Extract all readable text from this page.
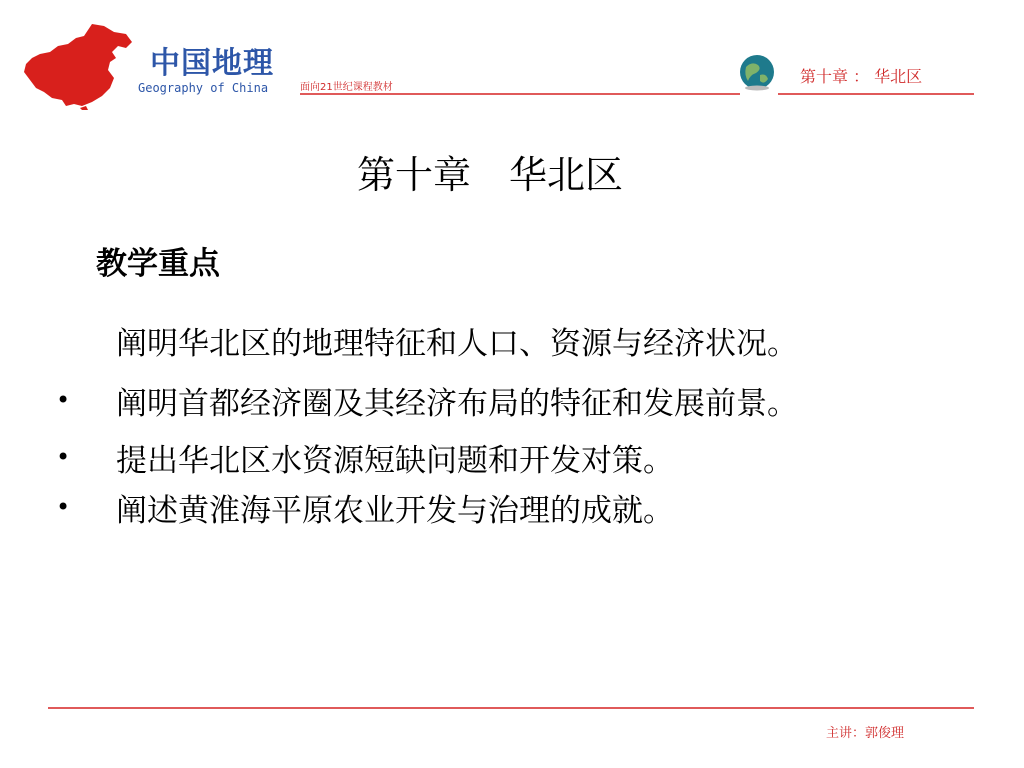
中国地理
Geography of China	面向21世纪课程教材
第十章 ： 华北区
第十章　华北区
教学重点
阐明华北区的地理特征和人口、资源与经济状况。
• 阐明首都经济圈及其经济布局的特征和发展前景。
• 提出华北区水资源短缺问题和开发对策。
• 阐述黄淮海平原农业开发与治理的成就。
主讲：郭俊理
